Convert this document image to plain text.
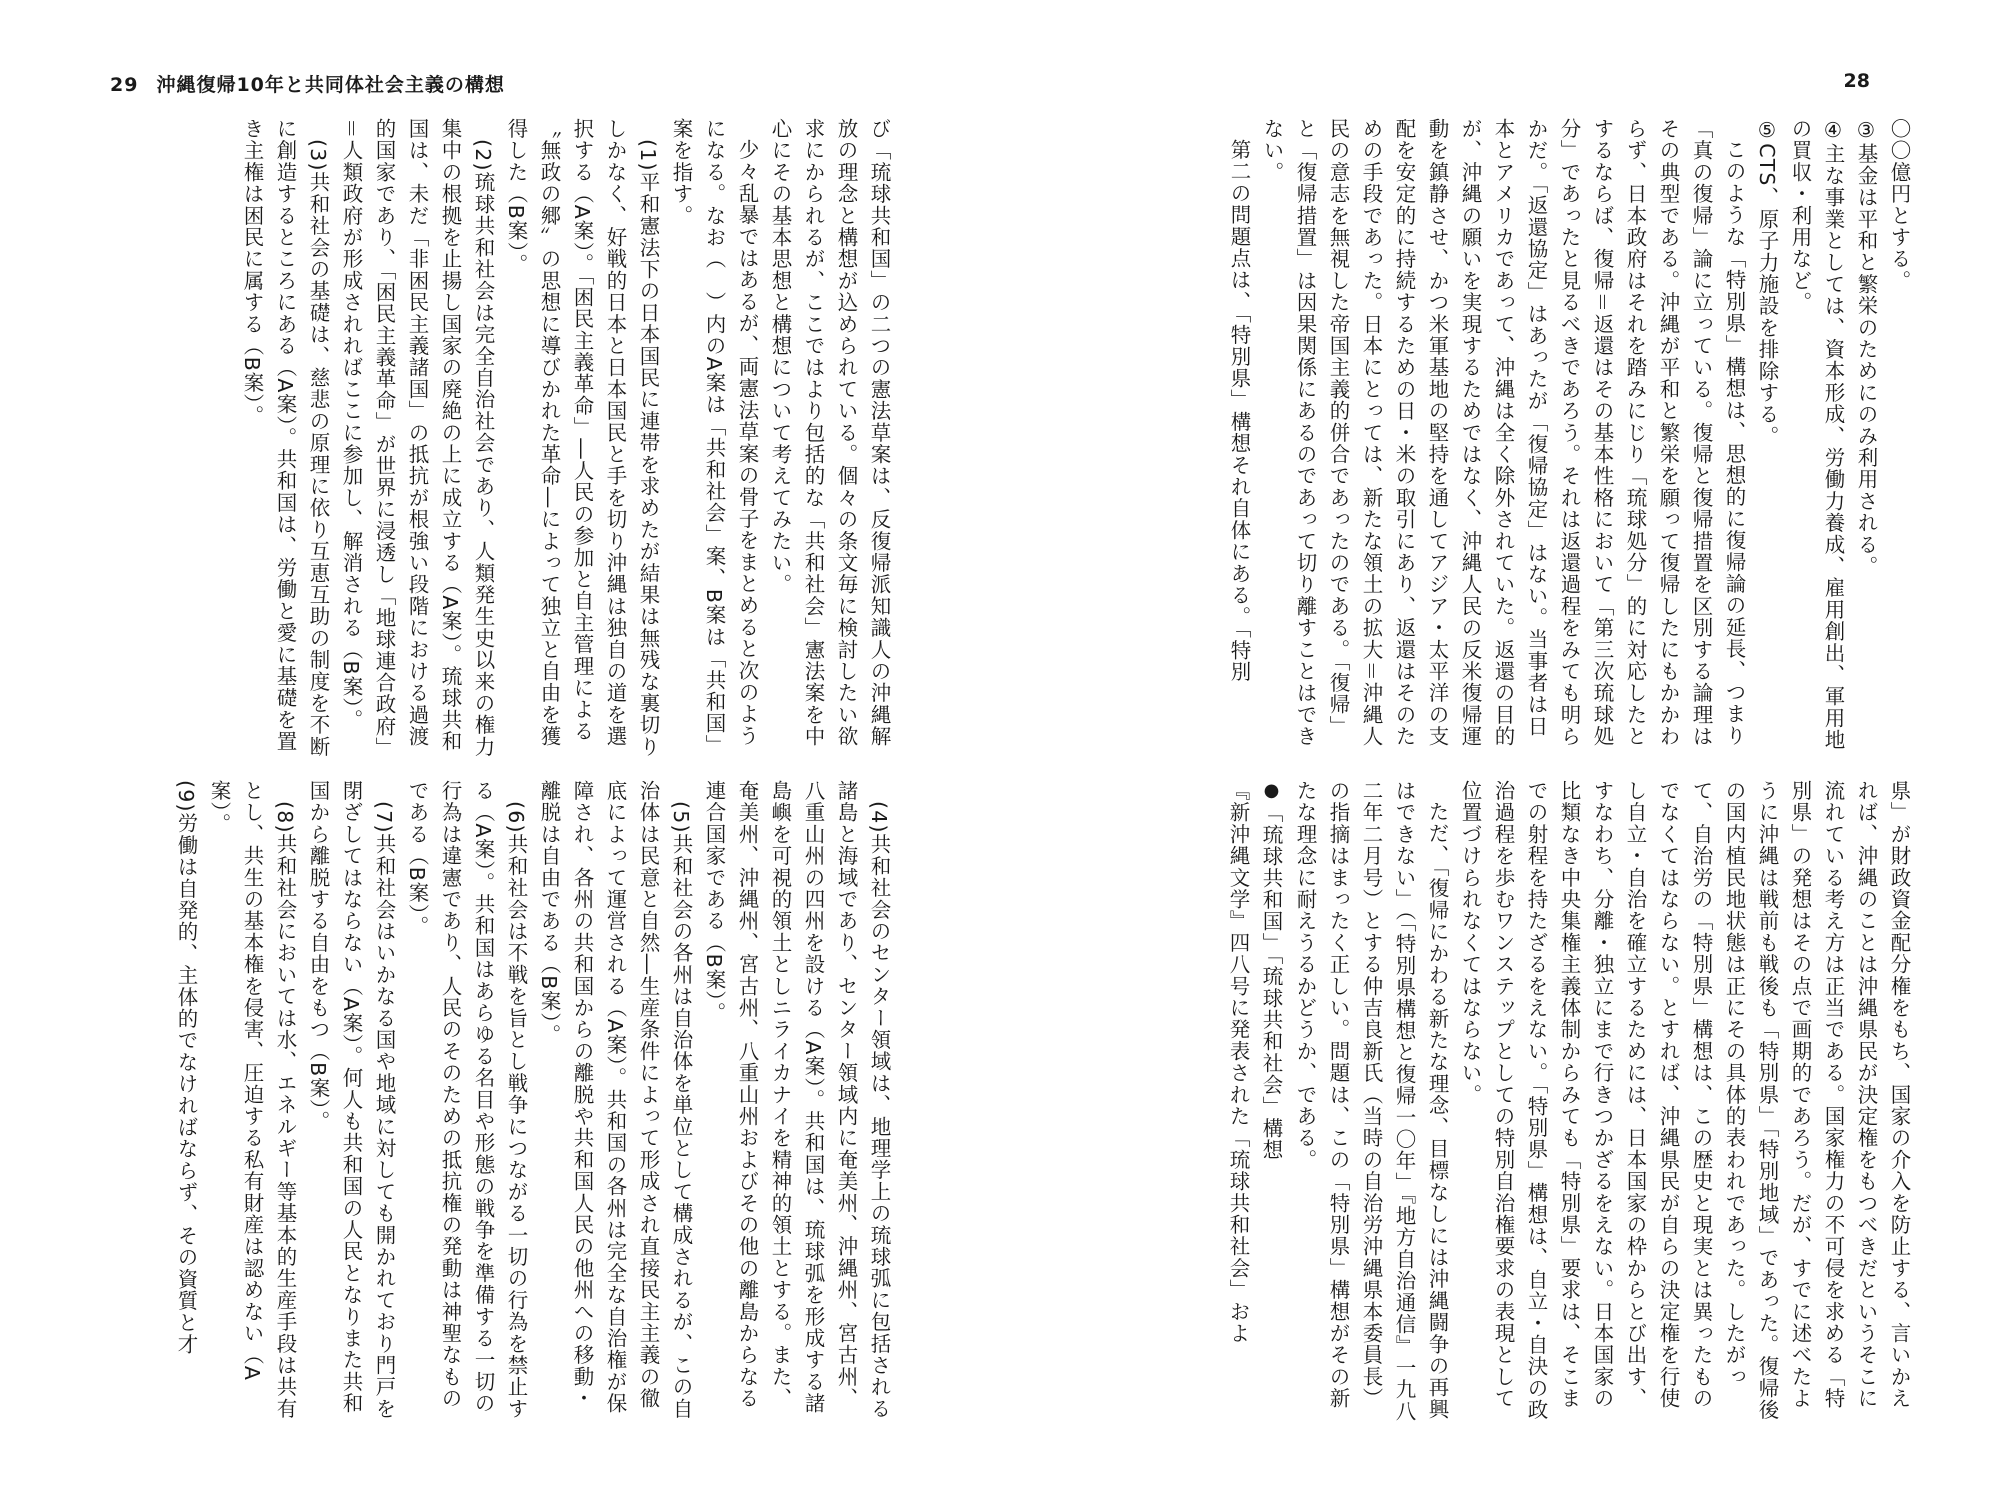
29 沖縄復帰10年と共同体社会主義の構想

び「琉球共和国」の二つの憲法草案は、反復帰派知識人の沖縄解放の理念と構想が込められている。個々の条文毎に検討したい欲求にかられるが、ここではより包括的な「共和社会」憲法案を中心にその基本思想と構想について考えてみたい。

少々乱暴ではあるが、両憲法草案の骨子をまとめると次のようになる。なお（　）内のA案は「共和社会」案、B案は「共和国」案を指す。

(1)平和憲法下の日本国民に連帯を求めたが結果は無残な裏切りしかなく、好戦的日本と日本国民と手を切り沖縄は独自の道を選択する（A案）。「困民主義革命」―人民の参加と自主管理による〝無政の郷〟の思想に導びかれた革命―によって独立と自由を獲得した（B案）。

(2)琉球共和社会は完全自治社会であり、人類発生史以来の権力集中の根拠を止揚し国家の廃絶の上に成立する（A案）。琉球共和国は、未だ「非困民主義諸国」の抵抗が根強い段階における過渡的国家であり、「困民主義革命」が世界に浸透し「地球連合政府」＝人類政府が形成されればここに参加し、解消される（B案）。

(3)共和社会の基礎は、慈悲の原理に依り互恵互助の制度を不断に創造するところにある（A案）。共和国は、労働と愛に基礎を置き主権は困民に属する（B案）。

(4)共和社会のセンター領域は、地理学上の琉球弧に包括される諸島と海域であり、センター領域内に奄美州、沖縄州、宮古州、八重山州の四州を設ける（A案）。共和国は、琉球弧を形成する諸島嶼を可視的領土としニライカナイを精神的領土とする。また、奄美州、沖縄州、宮古州、八重山州およびその他の離島からなる連合国家である（B案）。

(5)共和社会の各州は自治体を単位として構成されるが、この自治体は民意と自然―生産条件によって形成され直接民主主義の徹底によって運営される（A案）。共和国の各州は完全な自治権が保障され、各州の共和国からの離脱や共和国人民の他州への移動・離脱は自由である（B案）。

(6)共和社会は不戦を旨とし戦争につながる一切の行為を禁止する（A案）。共和国はあらゆる名目や形態の戦争を準備する一切の行為は違憲であり、人民のそのための抵抗権の発動は神聖なものである（B案）。

(7)共和社会はいかなる国や地域に対しても開かれており門戸を閉ざしてはならない（A案）。何人も共和国の人民となりまた共和国から離脱する自由をもつ（B案）。

(8)共和社会においては水、エネルギー等基本的生産手段は共有とし、共生の基本権を侵害、圧迫する私有財産は認めない（A案）。

(9)労働は自発的、主体的でなければならず、その資質と才

28

〇〇億円とする。

③基金は平和と繁栄のためにのみ利用される。

④主な事業としては、資本形成、労働力養成、雇用創出、軍用地の買収・利用など。

⑤CTS、原子力施設を排除する。

このような「特別県」構想は、思想的に復帰論の延長、つまり「真の復帰」論に立っている。復帰と復帰措置を区別する論理はその典型である。沖縄が平和と繁栄を願って復帰したにもかかわらず、日本政府はそれを踏みにじり「琉球処分」的に対応したとするならば、復帰＝返還はその基本性格において「第三次琉球処分」であったと見るべきであろう。それは返還過程をみても明らかだ。「返還協定」はあったが「復帰協定」はない。当事者は日本とアメリカであって、沖縄は全く除外されていた。返還の目的が、沖縄の願いを実現するためではなく、沖縄人民の反米復帰運動を鎮静させ、かつ米軍基地の堅持を通してアジア・太平洋の支配を安定的に持続するための日・米の取引にあり、返還はそのための手段であった。日本にとっては、新たな領土の拡大＝沖縄人民の意志を無視した帝国主義的併合であったのである。「復帰」と「復帰措置」は因果関係にあるのであって切り離すことはできない。

第二の問題点は、「特別県」構想それ自体にある。「特別

県」が財政資金配分権をもち、国家の介入を防止する、言いかえれば、沖縄のことは沖縄県民が決定権をもつべきだというそこに流れている考え方は正当である。国家権力の不可侵を求める「特別県」の発想はその点で画期的であろう。だが、すでに述べたように沖縄は戦前も戦後も「特別県」「特別地域」であった。復帰後の国内植民地状態は正にその具体的表われであった。したがって、自治労の「特別県」構想は、この歴史と現実とは異ったものでなくてはならない。とすれば、沖縄県民が自らの決定権を行使し自立・自治を確立するためには、日本国家の枠からとび出す、すなわち、分離・独立にまで行きつかざるをえない。日本国家の比類なき中央集権主義体制からみても「特別県」要求は、そこまでの射程を持たざるをえない。「特別県」構想は、自立・自決の政治過程を歩むワンステップとしての特別自治権要求の表現として位置づけられなくてはならない。

ただ、「復帰にかわる新たな理念、目標なしには沖縄闘争の再興はできない」（「特別県構想と復帰一〇年」『地方自治通信』一九八二年二月号）とする仲吉良新氏（当時の自治労沖縄県本委員長）の指摘はまったく正しい。問題は、この「特別県」構想がその新たな理念に耐えうるかどうか、である。

●「琉球共和国」「琉球共和社会」構想

『新沖縄文学』四八号に発表された「琉球共和社会」およ
